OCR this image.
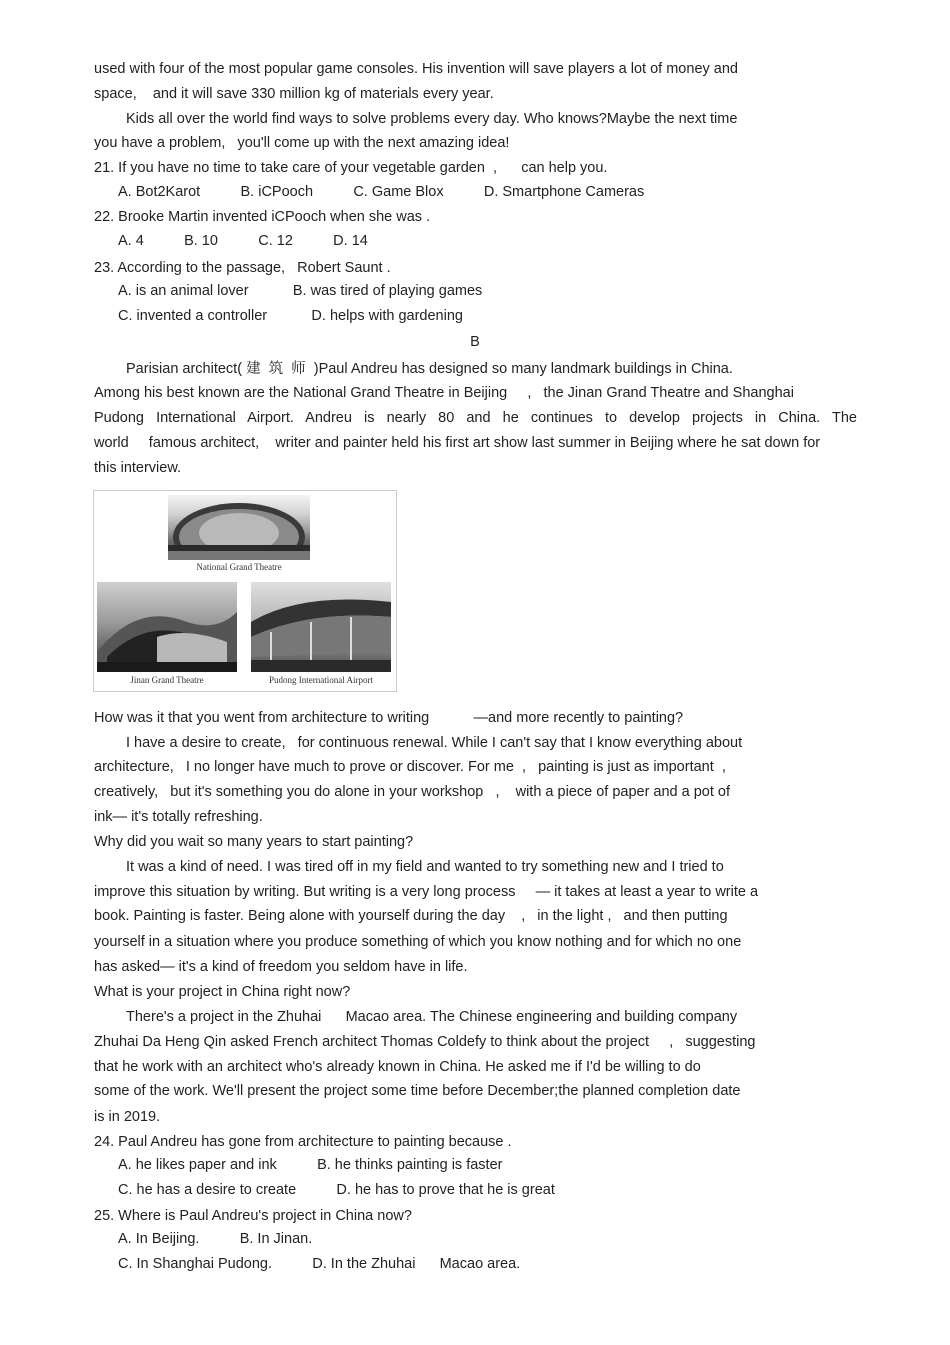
used with four of the most popular game consoles. His invention will save players a lot of money and
space,    and it will save 330 million kg of materials every year.
Kids all over the world find ways to solve problems every day. Who knows?Maybe the next time
you have a problem,   you'll come up with the next amazing idea!
21. If you have no time to take care of your vegetable garden  ,      can help you.
A. Bot2Karot          B. iCPooch          C. Game Blox          D. Smartphone Cameras
22. Brooke Martin invented iCPooch when she was .
A. 4          B. 10          C. 12          D. 14
23. According to the passage,   Robert Saunt .
A. is an animal lover           B. was tired of playing games
C. invented a controller           D. helps with gardening
B
Parisian architect( 建  筑  师  )Paul Andreu has designed so many landmark buildings in China.
Among his best known are the National Grand Theatre in Beijing     ,   the Jinan Grand Theatre and Shanghai
Pudong International Airport. Andreu is nearly 80 and he continues to develop projects in China. The
world     famous architect,    writer and painter held his first art show last summer in Beijing where he sat down for
this interview.
National Grand Theatre
Jinan Grand Theatre	Pudong International Airport
How was it that you went from architecture to writing           —and more recently to painting?
I have a desire to create,   for continuous renewal. While I can't say that I know everything about
architecture,   I no longer have much to prove or discover. For me  ,   painting is just as important  ,
creatively,   but it's something you do alone in your workshop   ,    with a piece of paper and a pot of
ink— it's totally refreshing.
Why did you wait so many years to start painting?
It was a kind of need. I was tired off in my field and wanted to try something new and I tried to
improve this situation by writing. But writing is a very long process     — it takes at least a year to write a
book. Painting is faster. Being alone with yourself during the day    ,   in the light ,   and then putting
yourself in a situation where you produce something of which you know nothing and for which no one
has asked— it's a kind of freedom you seldom have in life.
What is your project in China right now?
There's a project in the Zhuhai      Macao area. The Chinese engineering and building company
Zhuhai Da Heng Qin asked French architect Thomas Coldefy to think about the project     ,   suggesting
that he work with an architect who's already known in China. He asked me if I'd be willing to do
some of the work. We'll present the project some time before December;the planned completion date
is in 2019.
24. Paul Andreu has gone from architecture to painting because .
A. he likes paper and ink          B. he thinks painting is faster
C. he has a desire to create          D. he has to prove that he is great
25. Where is Paul Andreu's project in China now?
A. In Beijing.          B. In Jinan.
C. In Shanghai Pudong.          D. In the Zhuhai      Macao area.
